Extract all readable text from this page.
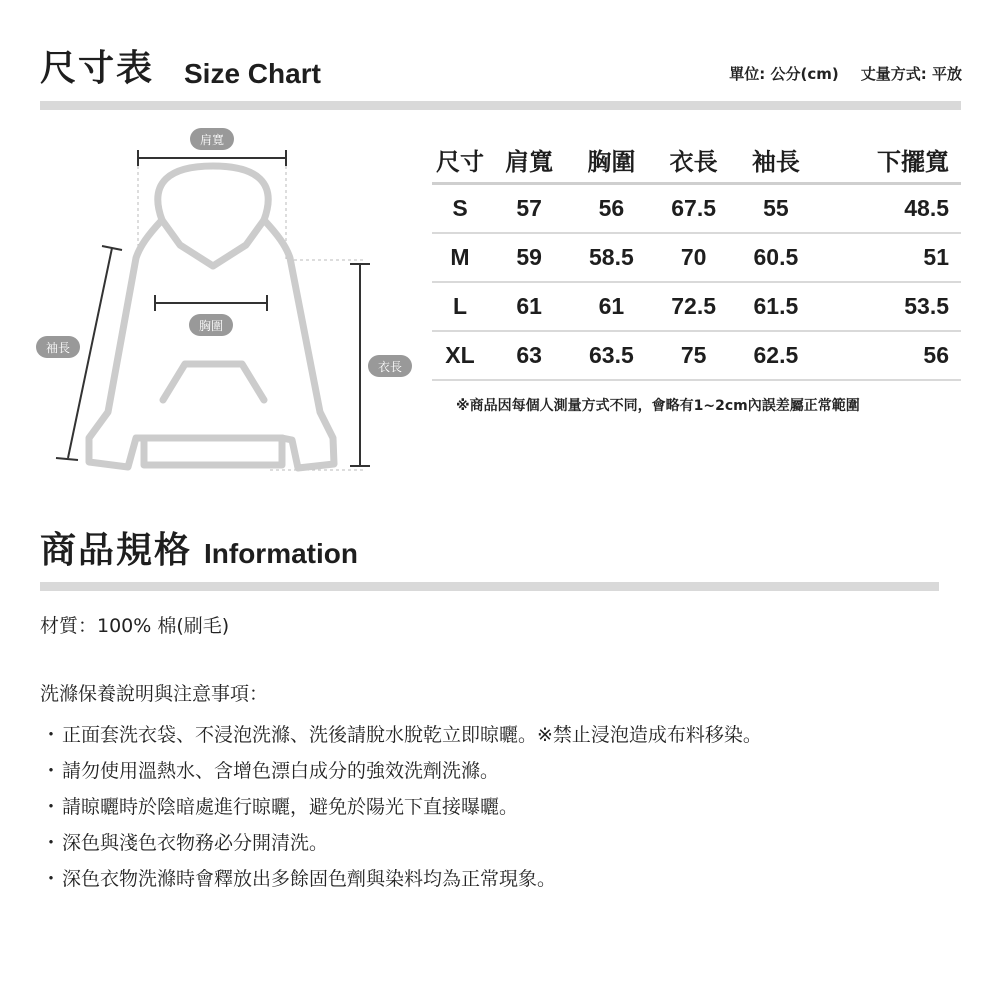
尺寸表 Size Chart	單位: 公分(cm) 丈量方式: 平放
肩寬
胸圍
袖長
衣長
尺寸	肩寬	胸圍	衣長	袖長	下擺寬
S	57	56	67.5	55	48.5
M	59	58.5	70	60.5	51
L	61	61	72.5	61.5	53.5
XL	63	63.5	75	62.5	56
※商品因每個人測量方式不同，會略有1~2cm內誤差屬正常範圍
商品規格 Information
材質：100% 棉(刷毛)
洗滌保養說明與注意事項：
・正面套洗衣袋、不浸泡洗滌、洗後請脫水脫乾立即晾曬。※禁止浸泡造成布料移染。
・請勿使用溫熱水、含增色漂白成分的強效洗劑洗滌。
・請晾曬時於陰暗處進行晾曬，避免於陽光下直接曝曬。
・深色與淺色衣物務必分開清洗。
・深色衣物洗滌時會釋放出多餘固色劑與染料均為正常現象。
